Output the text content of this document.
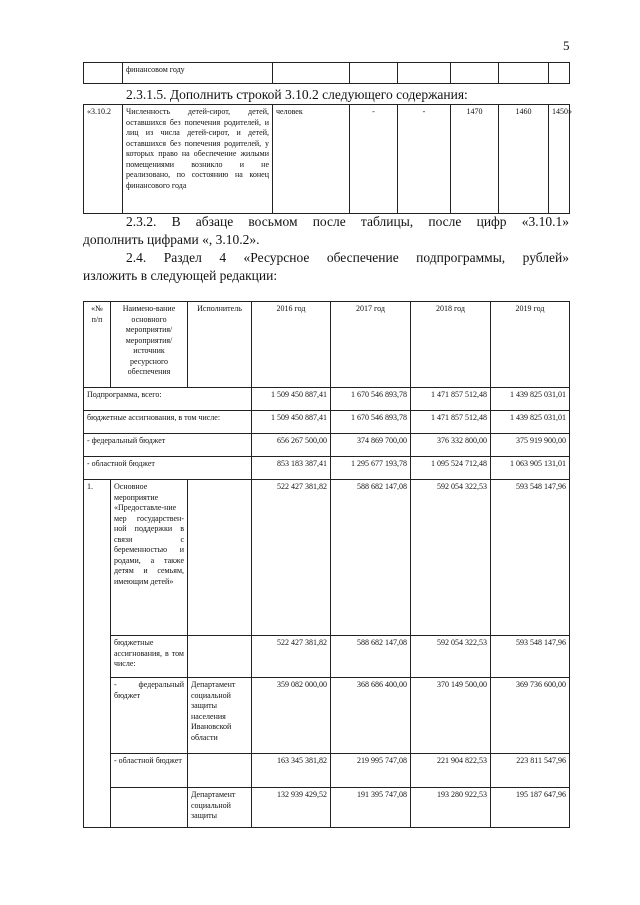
5
	финансовом году						
2.3.1.5. Дополнить строкой 3.10.2 следующего содержания:
«3.10.2	Численность детей-сирот, детей, оставшихся без попечения родителей, и лиц из числа детей-сирот, и детей, оставшихся без попечения родителей, у которых право на обеспечение жилыми помещениями возникло и не реализовано, по состоянию на конец финансового года	человек	-	-	1470	1460	1450»
2.3.2. В абзаце восьмом после таблицы, после цифр «3.10.1»
дополнить цифрами «, 3.10.2».
2.4. Раздел 4 «Ресурсное обеспечение подпрограммы, рублей»
изложить в следующей редакции:
«№ п/п	Наимено-вание основного мероприятия/ мероприятия/ источник ресурсного обеспечения	Исполнитель	2016 год	2017 год	2018 год	2019 год
Подпрограмма, всего:			1 509 450 887,41	1 670 546 893,78	1 471 857 512,48	1 439 825 031,01
бюджетные ассигнования, в том числе:			1 509 450 887,41	1 670 546 893,78	1 471 857 512,48	1 439 825 031,01
- федеральный бюджет			656 267 500,00	374 869 700,00	376 332 800,00	375 919 900,00
- областной бюджет			853 183 387,41	1 295 677 193,78	1 095 524 712,48	1 063 905 131,01
1.	Основное мероприятие «Предоставле-ние мер государствен-ной поддержки в связи с беременностью и родами, а также детям и семьям, имеющим детей»		522 427 381,82	588 682 147,08	592 054 322,53	593 548 147,96
	бюджетные ассигнования, в том числе:		522 427 381,82	588 682 147,08	592 054 322,53	593 548 147,96
	- федеральный бюджет	Департамент социальной защиты населения Ивановской области	359 082 000,00	368 686 400,00	370 149 500,00	369 736 600,00
	- областной бюджет		163 345 381,82	219 995 747,08	221 904 822,53	223 811 547,96
		Департамент социальной защиты	132 939 429,52	191 395 747,08	193 280 922,53	195 187 647,96
